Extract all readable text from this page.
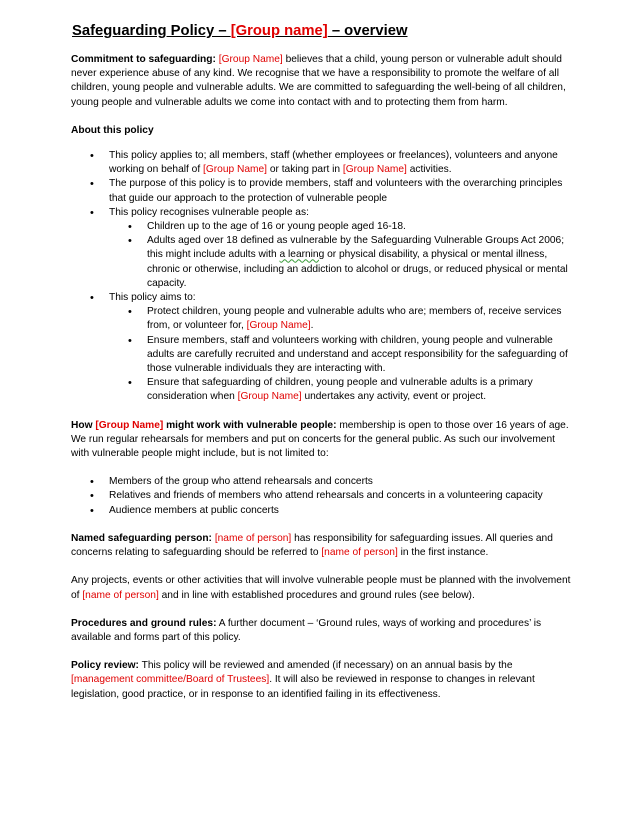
Safeguarding Policy – [Group name] – overview

Commitment to safeguarding: [Group Name] believes that a child, young person or vulnerable adult should never experience abuse of any kind. We recognise that we have a responsibility to promote the welfare of all children, young people and vulnerable adults. We are committed to safeguarding the well-being of all children, young people and vulnerable adults we come into contact with and to protecting them from harm.

About this policy
• This policy applies to; all members, staff (whether employees or freelances), volunteers and anyone working on behalf of [Group Name] or taking part in [Group Name] activities.
• The purpose of this policy is to provide members, staff and volunteers with the overarching principles that guide our approach to the protection of vulnerable people
• This policy recognises vulnerable people as:
• Children up to the age of 16 or young people aged 16-18.
• Adults aged over 18 defined as vulnerable by the Safeguarding Vulnerable Groups Act 2006; this might include adults with a learning or physical disability, a physical or mental illness, chronic or otherwise, including an addiction to alcohol or drugs, or reduced physical or mental capacity.
• This policy aims to:
• Protect children, young people and vulnerable adults who are; members of, receive services from, or volunteer for, [Group Name].
• Ensure members, staff and volunteers working with children, young people and vulnerable adults are carefully recruited and understand and accept responsibility for the safeguarding of those vulnerable individuals they are interacting with.
• Ensure that safeguarding of children, young people and vulnerable adults is a primary consideration when [Group Name] undertakes any activity, event or project.

How [Group Name] might work with vulnerable people: membership is open to those over 16 years of age. We run regular rehearsals for members and put on concerts for the general public. As such our involvement with vulnerable people might include, but is not limited to:

• Members of the group who attend rehearsals and concerts
• Relatives and friends of members who attend rehearsals and concerts in a volunteering capacity
• Audience members at public concerts

Named safeguarding person: [name of person] has responsibility for safeguarding issues. All queries and concerns relating to safeguarding should be referred to [name of person] in the first instance.

Any projects, events or other activities that will involve vulnerable people must be planned with the involvement of [name of person] and in line with established procedures and ground rules (see below).

Procedures and ground rules: A further document – ‘Ground rules, ways of working and procedures’ is available and forms part of this policy.

Policy review: This policy will be reviewed and amended (if necessary) on an annual basis by the [management committee/Board of Trustees]. It will also be reviewed in response to changes in relevant legislation, good practice, or in response to an identified failing in its effectiveness.
